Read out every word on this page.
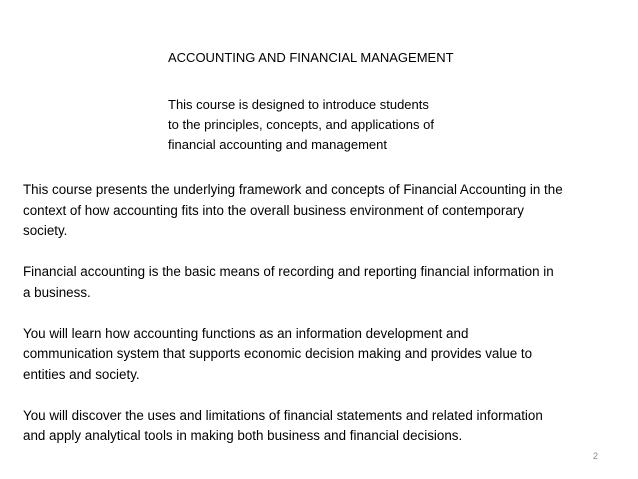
ACCOUNTING AND FINANCIAL MANAGEMENT
This course is designed to introduce students
to the principles, concepts, and applications of
financial accounting and management

This course presents the underlying framework and concepts of Financial Accounting in the
context of how accounting fits into the overall business environment of contemporary
society.

Financial accounting is the basic means of recording and reporting financial information in
a business.

You will learn how accounting functions as an information development and
communication system that supports economic decision making and provides value to
entities and society.

You will discover the uses and limitations of financial statements and related information
and apply analytical tools in making both business and financial decisions.

2
